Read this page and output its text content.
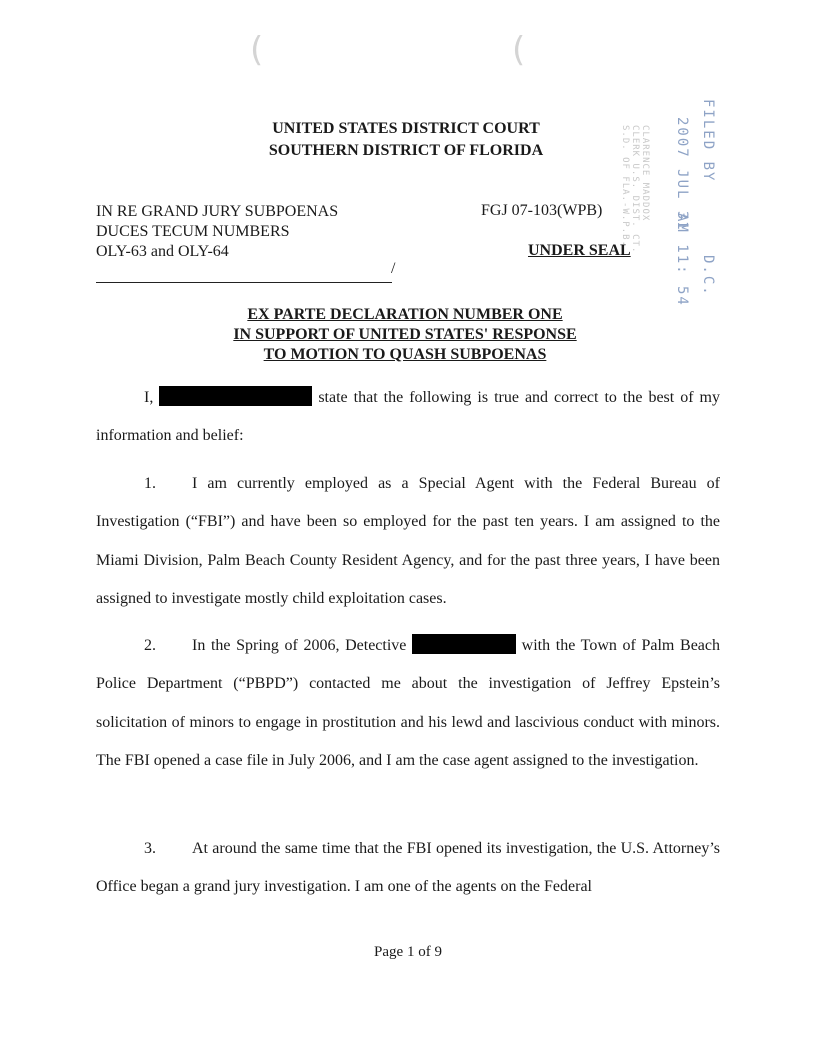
(	(
UNITED STATES DISTRICT COURT
SOUTHERN DISTRICT OF FLORIDA
IN RE GRAND JURY SUBPOENAS
DUCES TECUM NUMBERS
OLY-63 and OLY-64
/
FGJ 07-103(WPB)
UNDER SEAL
FILED BY
D.C.
2007 JUL 31
AM 11: 54
CLARENCE MADDOX
CLERK U.S. DIST. CT.
S.D. OF FLA.-W.P.B.
EX PARTE DECLARATION NUMBER ONE
IN SUPPORT OF UNITED STATES' RESPONSE
TO MOTION TO QUASH SUBPOENAS

I,	state that the following is true and correct to the best of my information and belief:

1. I am currently employed as a Special Agent with the Federal Bureau of Investigation (“FBI”) and have been so employed for the past ten years. I am assigned to the Miami Division, Palm Beach County Resident Agency, and for the past three years, I have been assigned to investigate mostly child exploitation cases.

2. In the Spring of 2006, Detective	with the Town of Palm Beach Police Department (“PBPD”) contacted me about the investigation of Jeffrey Epstein’s solicitation of minors to engage in prostitution and his lewd and lascivious conduct with minors. The FBI opened a case file in July 2006, and I am the case agent assigned to the investigation.

3. At around the same time that the FBI opened its investigation, the U.S. Attorney’s Office began a grand jury investigation. I am one of the agents on the Federal

Page 1 of 9
